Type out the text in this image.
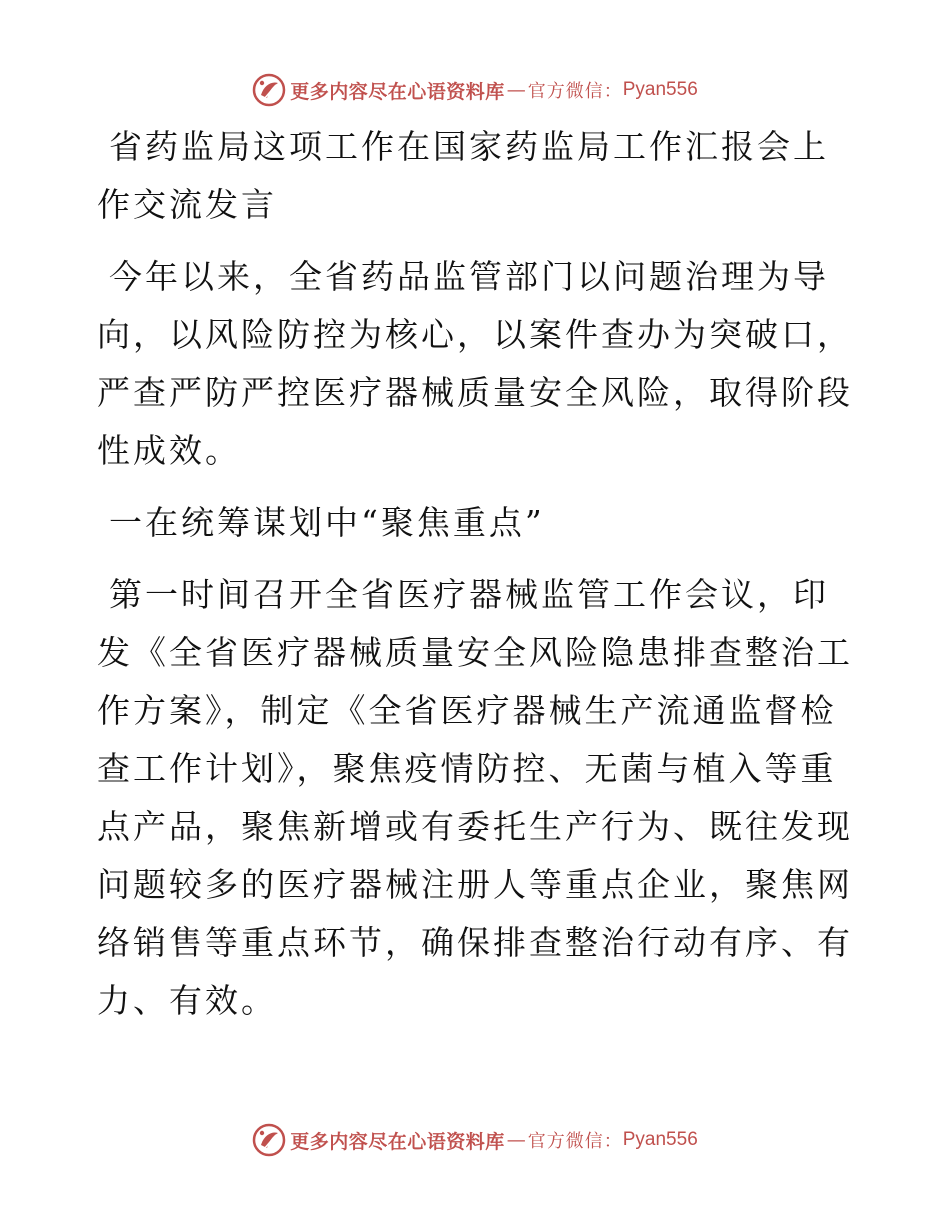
更多内容尽在心语资料库 — 官方微信： Pyan556

省药监局这项工作在国家药监局工作汇报会上作交流发言

今年以来，全省药品监管部门以问题治理为导向，以风险防控为核心，以案件查办为突破口，严查严防严控医疗器械质量安全风险，取得阶段性成效。

一在统筹谋划中“聚焦重点”

第一时间召开全省医疗器械监管工作会议，印发《全省医疗器械质量安全风险隐患排查整治工作方案》，制定《全省医疗器械生产流通监督检查工作计划》，聚焦疫情防控、无菌与植入等重点产品，聚焦新增或有委托生产行为、既往发现问题较多的医疗器械注册人等重点企业，聚焦网络销售等重点环节，确保排查整治行动有序、有力、有效。

更多内容尽在心语资料库 — 官方微信： Pyan556
